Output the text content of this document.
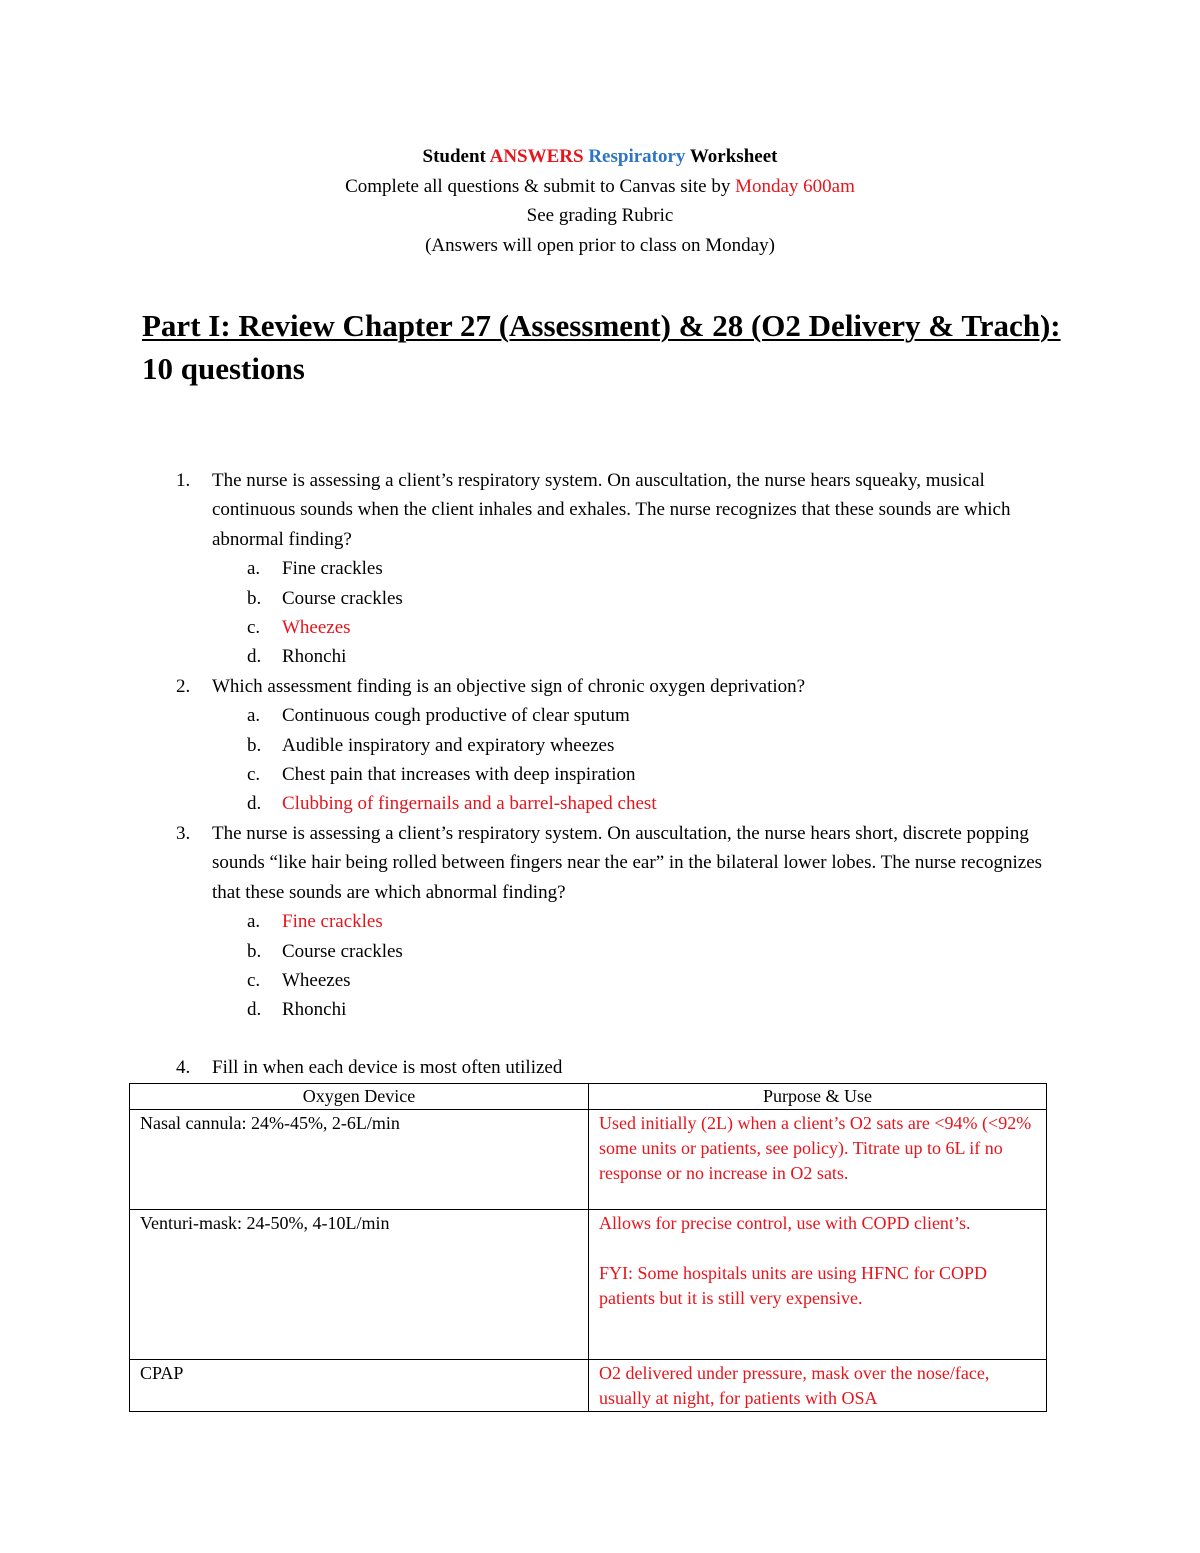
Student ANSWERS Respiratory Worksheet
Complete all questions & submit to Canvas site by Monday 600am
See grading Rubric
(Answers will open prior to class on Monday)
Part I: Review Chapter 27 (Assessment) & 28 (O2 Delivery & Trach): 10 questions
1. The nurse is assessing a client’s respiratory system. On auscultation, the nurse hears squeaky, musical continuous sounds when the client inhales and exhales. The nurse recognizes that these sounds are which abnormal finding?
a. Fine crackles
b. Course crackles
c. Wheezes
d. Rhonchi
2. Which assessment finding is an objective sign of chronic oxygen deprivation?
a. Continuous cough productive of clear sputum
b. Audible inspiratory and expiratory wheezes
c. Chest pain that increases with deep inspiration
d. Clubbing of fingernails and a barrel-shaped chest
3. The nurse is assessing a client’s respiratory system. On auscultation, the nurse hears short, discrete popping sounds “like hair being rolled between fingers near the ear” in the bilateral lower lobes. The nurse recognizes that these sounds are which abnormal finding?
a. Fine crackles
b. Course crackles
c. Wheezes
d. Rhonchi
4. Fill in when each device is most often utilized
Oxygen Device	Purpose & Use
Nasal cannula: 24%-45%, 2-6L/min	Used initially (2L) when a client’s O2 sats are <94% (<92% some units or patients, see policy). Titrate up to 6L if no response or no increase in O2 sats.

Venturi-mask: 24-50%, 4-10L/min	Allows for precise control, use with COPD client’s.
FYI: Some hospitals units are using HFNC for COPD patients but it is still very expensive.

CPAP	O2 delivered under pressure, mask over the nose/face, usually at night, for patients with OSA
